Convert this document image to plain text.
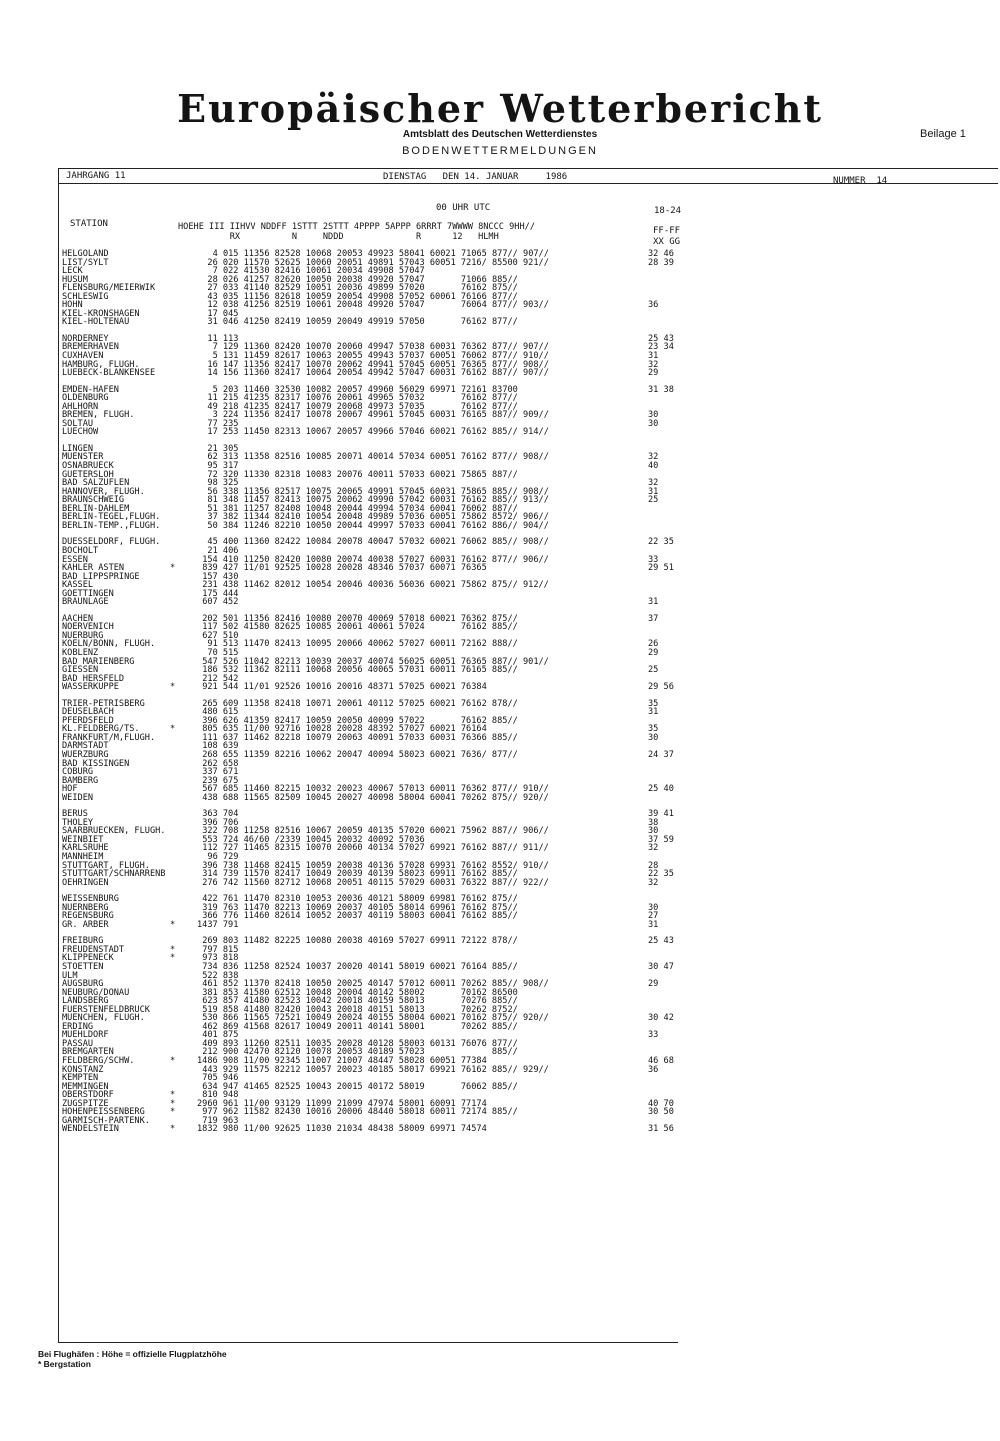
Europäischer Wetterbericht
Amtsblatt des Deutschen Wetterdienstes	Beilage 1
BODENWETTERMELDUNGEN
JAHRGANG 11	DIENSTAG   DEN 14. JANUAR     1986	NUMMER  14
00 UHR UTC	18-24
STATION	HOEHE III IIHVV NDDFF 1STTT 2STTT 4PPPP 5APPP 6RRRT 7WWWW 8NCCC 9HH//
RX          N     NDDD              R      12   HLMH
FF-FF
XX GG
HELGOLAND	4 015 11356 82528 10068 20053 49923 58041 60021 71065 877// 907//	32 46
LIST/SYLT	26 020 11570 52625 10060 20051 49891 57043 60051 7216/ 85500 921//	28 39
LECK	7 022 41530 82416 10061 20034 49908 57047
HUSUM	28 026 41257 82620 10050 20038 49920 57047       71066 885//
FLENSBURG/MEIERWIK	27 033 41140 82529 10051 20036 49899 57020       76162 875//
SCHLESWIG	43 035 11156 82618 10059 20054 49908 57052 60061 76166 877//
HOHN	12 038 41256 82519 10061 20048 49920 57047       76064 877// 903//	36
KIEL-KRONSHAGEN	17 045
KIEL-HOLTENAU	31 046 41250 82419 10059 20049 49919 57050       76162 877//
NORDERNEY	11 113	25 43
BREMERHAVEN	7 129 11360 82420 10070 20060 49947 57038 60031 76362 877// 907//	23 34
CUXHAVEN	5 131 11459 82617 10063 20055 49943 57037 60051 76062 877// 910//	31
HAMBURG, FLUGH.	16 147 11356 82417 10070 20062 49941 57045 60051 76365 877// 908//	32
LUEBECK-BLANKENSEE	14 156 11360 82417 10064 20054 49942 57047 60031 76162 887// 907//	29
EMDEN-HAFEN	5 203 11460 32530 10082 20057 49960 56029 69971 72161 83700	31 38
OLDENBURG	11 215 41235 82317 10076 20061 49965 57032       76162 877//
AHLHORN	49 218 41235 82417 10079 20068 49973 57035       76162 877//
BREMEN, FLUGH.	3 224 11356 82417 10078 20067 49961 57045 60031 76165 887// 909//	30
SOLTAU	77 235	30
LUECHOW	17 253 11450 82313 10067 20057 49966 57046 60021 76162 885// 914//
LINGEN	21 305
MUENSTER	62 313 11358 82516 10085 20071 40014 57034 60051 76162 877// 908//	32
OSNABRUECK	95 317	40
GUETERSLOH	72 320 11330 82318 10083 20076 40011 57033 60021 75865 887//
BAD SALZUFLEN	98 325	32
HANNOVER, FLUGH.	56 338 11356 82517 10075 20065 49991 57045 60031 75865 885// 908//	31
BRAUNSCHWEIG	81 348 11457 82413 10075 20062 49990 57042 60031 76162 885// 913//	25
BERLIN-DAHLEM	51 381 11257 82408 10048 20044 49994 57034 60041 76062 887//
BERLIN-TEGEL,FLUGH.	37 382 11344 82410 10054 20048 49989 57036 60051 75862 8572/ 906//
BERLIN-TEMP.,FLUGH.	50 384 11246 82210 10050 20044 49997 57033 60041 76162 886// 904//
DUESSELDORF, FLUGH.	45 400 11360 82422 10084 20078 40047 57032 60021 76062 885// 908//	22 35
BOCHOLT	21 406
ESSEN	154 410 11250 82420 10080 20074 40038 57027 60031 76162 877// 906//	33
KAHLER ASTEN	*	839 427 11/01 92525 10028 20028 48346 57037 60071 76365	29 51
BAD LIPPSPRINGE	157 430
KASSEL	231 438 11462 82012 10054 20046 40036 56036 60021 75862 875// 912//
GOETTINGEN	175 444
BRAUNLAGE	607 452	31
AACHEN	202 501 11356 82416 10080 20070 40069 57018 60021 76362 875//	37
NOERVENICH	117 502 41580 82625 10085 20061 40061 57024       76162 885//
NUERBURG	627 510
KOELN/BONN, FLUGH.	91 513 11470 82413 10095 20066 40062 57027 60011 72162 888//	26
KOBLENZ	70 515	29
BAD MARIENBERG	547 526 11042 82213 10039 20037 40074 56025 60051 76365 887// 901//
GIESSEN	186 532 11362 82111 10068 20056 40065 57031 60011 76165 885//	25
BAD HERSFELD	212 542
WASSERKUPPE	*	921 544 11/01 92526 10016 20016 48371 57025 60021 76384	29 56
TRIER-PETRISBERG	265 609 11358 82418 10071 20061 40112 57025 60021 76162 878//	35
DEUSELBACH	480 615	31
PFERDSFELD	396 626 41359 82417 10059 20050 40099 57022       76162 885//
KL.FELDBERG/TS.	*	805 635 11/00 92716 10028 20028 48392 57027 60021 76164	35
FRANKFURT/M,FLUGH.	111 637 11462 82218 10079 20063 40091 57033 60031 76366 885//	30
DARMSTADT	108 639
WUERZBURG	268 655 11359 82216 10062 20047 40094 58023 60021 7636/ 877//	24 37
BAD KISSINGEN	262 658
COBURG	337 671
BAMBERG	239 675
HOF	567 685 11460 82215 10032 20023 40067 57013 60011 76362 877// 910//	25 40
WEIDEN	438 688 11565 82509 10045 20027 40098 58004 60041 70262 875// 920//
BERUS	363 704	39 41
THOLEY	396 706	38
SAARBRUECKEN, FLUGH.	322 708 11258 82516 10067 20059 40135 57020 60021 75962 887// 906//	30
WEINBIET	553 724 46/60 /2339 10045 20032 40092 57036	37 59
KARLSRUHE	112 727 11465 82315 10070 20060 40134 57027 69921 76162 887// 911//	32
MANNHEIM	96 729
STUTTGART, FLUGH.	396 738 11468 82415 10059 20038 40136 57028 69931 76162 8552/ 910//	28
STUTTGART/SCHNARRENB	314 739 11570 82417 10049 20039 40139 58023 69911 76162 885//	22 35
OEHRINGEN	276 742 11560 82712 10068 20051 40115 57029 60031 76322 887// 922//	32
WEISSENBURG	422 761 11470 82310 10053 20036 40121 58009 69981 76162 875//
NUERNBERG	319 763 11470 82213 10069 20037 40105 58014 69961 76162 875//	30
REGENSBURG	366 776 11460 82614 10052 20037 40119 58003 60041 76162 885//	27
GR. ARBER	*	1437 791	31
FREIBURG	269 803 11482 82225 10080 20038 40169 57027 69911 72122 878//	25 43
FREUDENSTADT	*	797 815
KLIPPENECK	*	973 818
STOETTEN	734 836 11258 82524 10037 20020 40141 58019 60021 76164 885//	30 47
ULM	522 838
AUGSBURG	461 852 11370 82418 10050 20025 40147 57012 60011 70262 885// 908//	29
NEUBURG/DONAU	381 853 41580 62512 10048 20004 40142 58002       70162 86500
LANDSBERG	623 857 41480 82523 10042 20018 40159 58013       70276 885//
FUERSTENFELDBRUCK	519 858 41480 82420 10043 20018 40151 58013       70262 8752/
MUENCHEN, FLUGH.	530 866 11565 72521 10049 20024 40155 58004 60021 70162 875// 920//	30 42
ERDING	462 869 41568 82617 10049 20011 40141 58001       70262 885//
MUEHLDORF	401 875	33
PASSAU	409 893 11260 82511 10035 20028 40128 58003 60131 76076 877//
BREMGARTEN	212 900 42470 82120 10078 20053 40189 57023             885//
FELDBERG/SCHW.	*	1486 908 11/00 92345 11007 21007 48447 58028 60051 77384	46 68
KONSTANZ	443 929 11575 82212 10057 20023 40185 58017 69921 76162 885// 929//	36
KEMPTEN	705 946
MEMMINGEN	634 947 41465 82525 10043 20015 40172 58019       76062 885//
OBERSTDORF	*	810 948
ZUGSPITZE	*	2960 961 11/00 93129 11099 21099 47974 58001 60091 77174	40 70
HOHENPEISSENBERG	*	977 962 11582 82430 10016 20006 48440 58018 60011 72174 885//	30 50
GARMISCH-PARTENK.	719 963
WENDELSTEIN	*	1832 980 11/00 92625 11030 21034 48438 58009 69971 74574	31 56
Bei Flughäfen : Höhe = offizielle Flugplatzhöhe
* Bergstation
